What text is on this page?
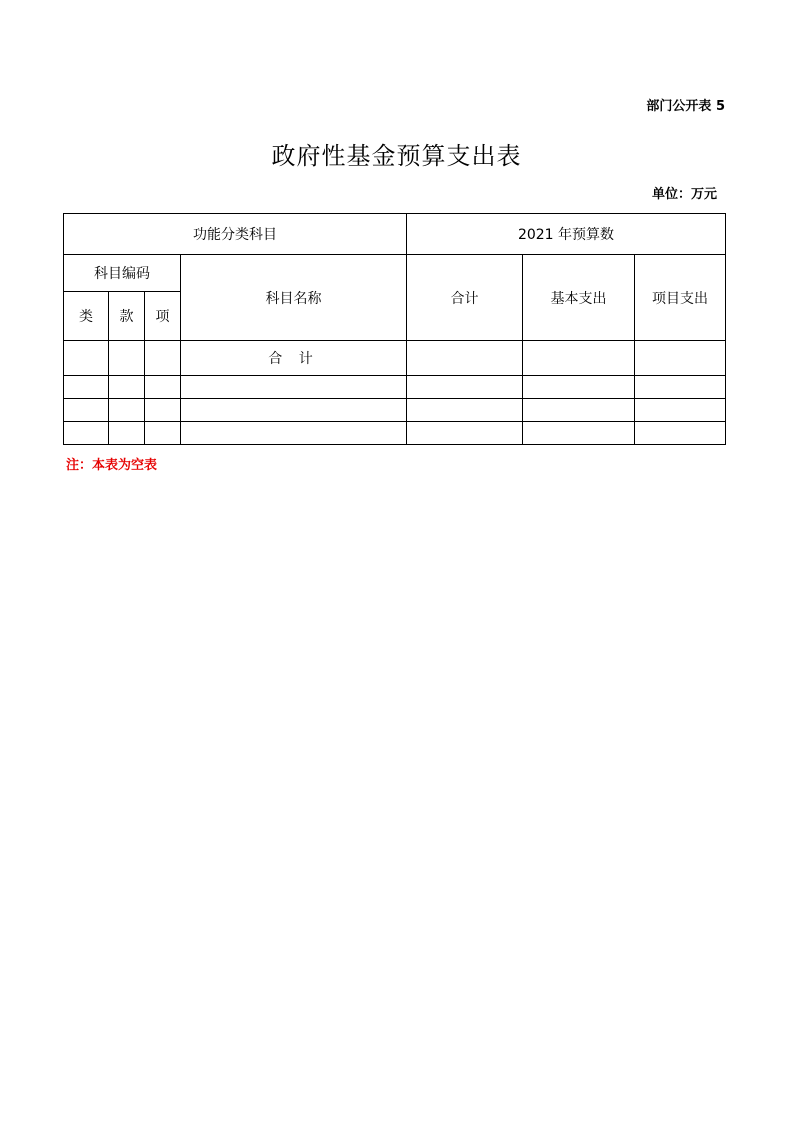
部门公开表 5
政府性基金预算支出表
单位：万元
功能分类科目				2021 年预算数		
科目编码			科目名称	合计	基本支出	项目支出
类	款	项				
			合 计			

注：本表为空表
